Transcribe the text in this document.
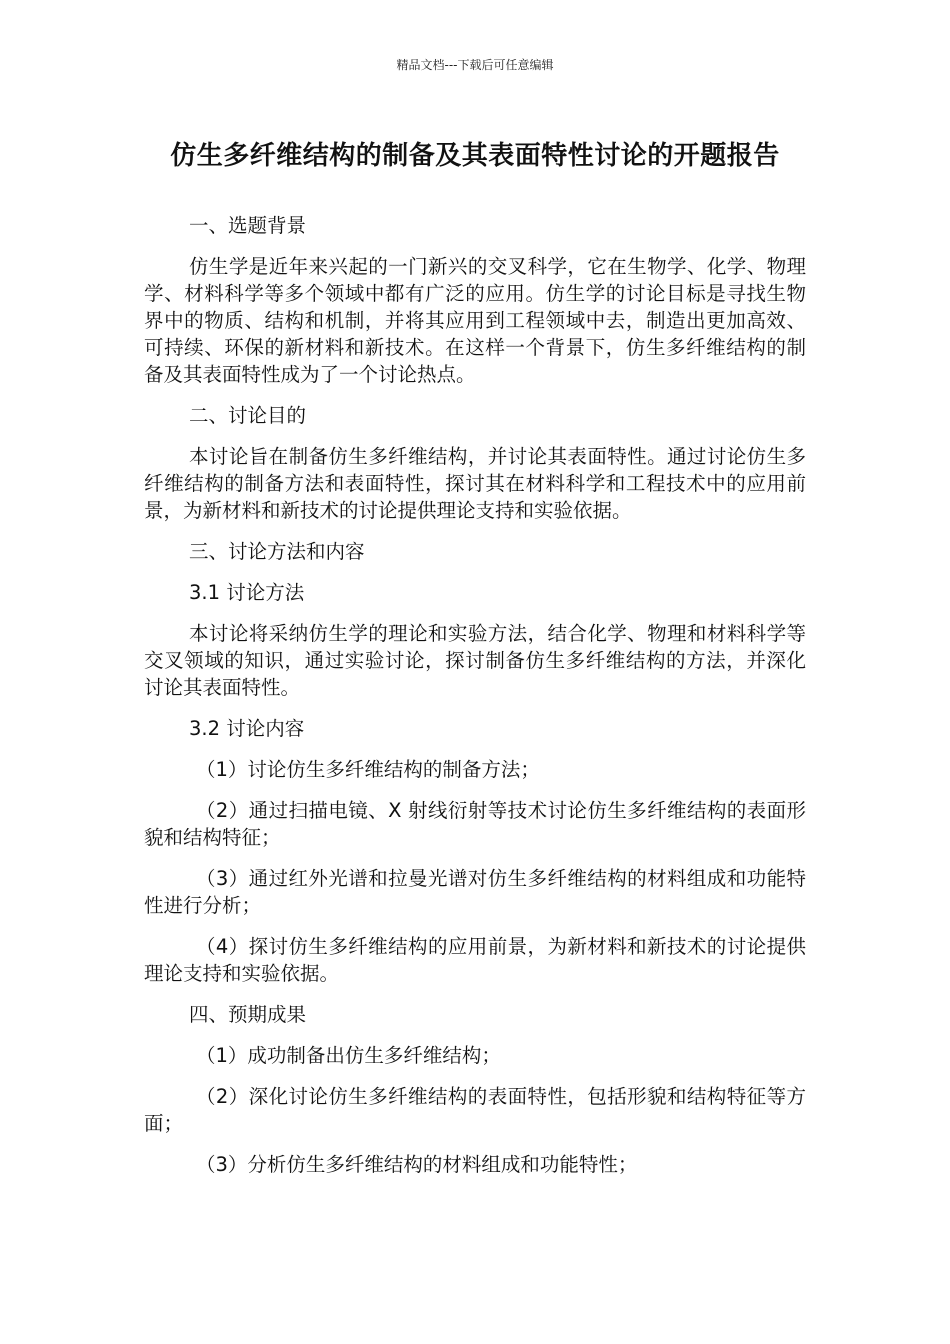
精品文档---下载后可任意编辑
仿生多纤维结构的制备及其表面特性讨论的开题报告

一、选题背景

仿生学是近年来兴起的一门新兴的交叉科学，它在生物学、化学、物理学、材料科学等多个领域中都有广泛的应用。仿生学的讨论目标是寻找生物界中的物质、结构和机制，并将其应用到工程领域中去，制造出更加高效、可持续、环保的新材料和新技术。在这样一个背景下，仿生多纤维结构的制备及其表面特性成为了一个讨论热点。

二、讨论目的

本讨论旨在制备仿生多纤维结构，并讨论其表面特性。通过讨论仿生多纤维结构的制备方法和表面特性，探讨其在材料科学和工程技术中的应用前景，为新材料和新技术的讨论提供理论支持和实验依据。

三、讨论方法和内容

3.1 讨论方法

本讨论将采纳仿生学的理论和实验方法，结合化学、物理和材料科学等交叉领域的知识，通过实验讨论，探讨制备仿生多纤维结构的方法，并深化讨论其表面特性。

3.2 讨论内容

（1）讨论仿生多纤维结构的制备方法；

（2）通过扫描电镜、X 射线衍射等技术讨论仿生多纤维结构的表面形貌和结构特征；

（3）通过红外光谱和拉曼光谱对仿生多纤维结构的材料组成和功能特性进行分析；

（4）探讨仿生多纤维结构的应用前景，为新材料和新技术的讨论提供理论支持和实验依据。

四、预期成果

（1）成功制备出仿生多纤维结构；

（2）深化讨论仿生多纤维结构的表面特性，包括形貌和结构特征等方面；

（3）分析仿生多纤维结构的材料组成和功能特性；
